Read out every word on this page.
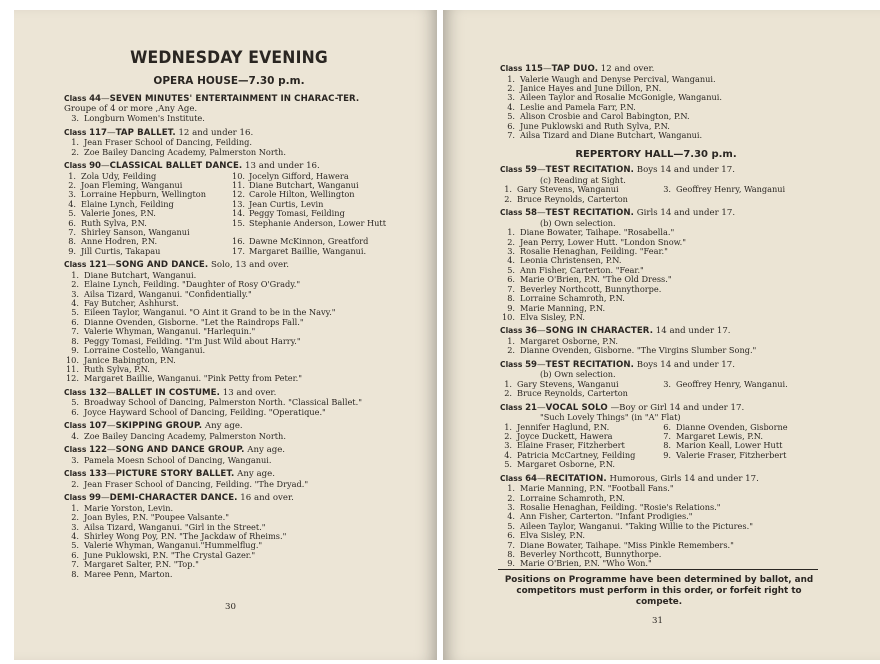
WEDNESDAY EVENING
OPERA HOUSE—7.30 p.m.
Class 44—SEVEN MINUTES' ENTERTAINMENT IN CHARAC-TER. Groupe of 4 or more ,Any Age.
3. Longburn Women's Institute.
Class 117—TAP BALLET. 12 and under 16.
1. Jean Fraser School of Dancing, Feilding.
2. Zoe Bailey Dancing Academy, Palmerston North.
Class 90—CLASSICAL BALLET DANCE. 13 and under 16.
1. Zola Udy, Feilding	10. Jocelyn Gifford, Hawera
2. Joan Fleming, Wanganui	11. Diane Butchart, Wanganui
3. Lorraine Hepburn, Wellington	12. Carole Hilton, Wellington
4. Elaine Lynch, Feilding	13. Jean Curtis, Levin
5. Valerie Jones, P.N.	14. Peggy Tomasi, Feilding
6. Ruth Sylva, P.N.	15. Stephanie Anderson, Lower Hutt
7. Shirley Sanson, Wanganui
8. Anne Hodren, P.N.	16. Dawne McKinnon, Greatford
9. Jill Curtis, Takapau	17. Margaret Baillie, Wanganui.
Class 121—SONG AND DANCE. Solo, 13 and over.
1. Diane Butchart, Wanganui.
2. Elaine Lynch, Feilding. "Daughter of Rosy O'Grady."
3. Ailsa Tizard, Wanganui. "Confidentially."
4. Fay Butcher, Ashhurst.
5. Eileen Taylor, Wanganui. "O Aint it Grand to be in the Navy."
6. Dianne Ovenden, Gisborne. "Let the Raindrops Fall."
7. Valerie Whyman, Wanganui. "Harlequin."
8. Peggy Tomasi, Feilding. "I'm Just Wild about Harry."
9. Lorraine Costello, Wanganui.
10. Janice Babington, P.N.
11. Ruth Sylva, P.N.
12. Margaret Baillie, Wanganui. "Pink Petty from Peter."
Class 132—BALLET IN COSTUME. 13 and over.
5. Broadway School of Dancing, Palmerston North. "Classical Ballet."
6. Joyce Hayward School of Dancing, Feilding. "Operatique."
Class 107—SKIPPING GROUP. Any age.
4. Zoe Bailey Dancing Academy, Palmerston North.
Class 122—SONG AND DANCE GROUP. Any age.
3. Pamela Moesn School of Dancing, Wanganui.
Class 133—PICTURE STORY BALLET. Any age.
2. Jean Fraser School of Dancing, Feilding. "The Dryad."
Class 99—DEMI-CHARACTER DANCE. 16 and over.
1. Marie Yorston, Levin.
2. Joan Byles, P.N. "Poupee Valsante."
3. Ailsa Tizard, Wanganui. "Girl in the Street."
4. Shirley Wong Poy, P.N. "The Jackdaw of Rheims."
5. Valerie Whyman, Wanganui."Hummelflug."
6. June Puklowski, P.N. "The Crystal Gazer."
7. Margaret Salter, P.N. "Top."
8. Maree Penn, Marton.
Class 115—TAP DUO. 12 and over.
1. Valerie Waugh and Denyse Percival, Wanganui.
2. Janice Hayes and June Dillon, P.N.
3. Aileen Taylor and Rosalie McGonigle, Wanganui.
4. Leslie and Pamela Farr, P.N.
5. Alison Crosbie and Carol Babington, P.N.
6. June Puklowski and Ruth Sylva, P.N.
7. Ailsa Tizard and Diane Butchart, Wanganui.
REPERTORY HALL—7.30 p.m.
Class 59—TEST RECITATION. Boys 14 and under 17.
(c) Reading at Sight.
1. Gary Stevens, Wanganui	3. Geoffrey Henry, Wanganui
2. Bruce Reynolds, Carterton
Class 58—TEST RECITATION. Girls 14 and under 17.
(b) Own selection.
1. Diane Bowater, Taihape. "Rosabella."
2. Jean Perry, Lower Hutt. "London Snow."
3. Rosalie Henaghan, Feilding. "Fear."
4. Leonia Christensen, P.N.
5. Ann Fisher, Carterton. "Fear."
6. Marie O'Brien, P.N. "The Old Dress."
7. Beverley Northcott, Bunnythorpe.
8. Lorraine Schamroth, P.N.
9. Marie Manning, P.N.
10. Elva Sisley, P.N.
Class 36—SONG IN CHARACTER. 14 and under 17.
1. Margaret Osborne, P.N.
2. Dianne Ovenden, Gisborne. "The Virgins Slumber Song."
Class 59—TEST RECITATION. Boys 14 and under 17.
(b) Own selection.
1. Gary Stevens, Wanganui	3. Geoffrey Henry, Wanganui.
2. Bruce Reynolds, Carterton
Class 21—VOCAL SOLO —Boy or Girl 14 and under 17.
"Such Lovely Things" (in "A" Flat)
1. Jennifer Haglund, P.N.	6. Dianne Ovenden, Gisborne
2. Joyce Duckett, Hawera	7. Margaret Lewis, P.N.
3. Elaine Fraser, Fitzherbert	8. Marion Keall, Lower Hutt
4. Patricia McCartney, Feilding	9. Valerie Fraser, Fitzherbert
5. Margaret Osborne, P.N.
Class 64—RECITATION. Humorous, Girls 14 and under 17.
1. Marie Manning, P.N. "Football Fans."
2. Lorraine Schamroth, P.N.
3. Rosalie Henaghan, Feilding. "Rosie's Relations."
4. Ann Fisher, Carterton. "Infant Prodigies."
5. Aileen Taylor, Wanganui. "Taking Willie to the Pictures."
6. Elva Sisley, P.N.
7. Diane Bowater, Taihape. "Miss Pinkle Remembers."
8. Beverley Northcott, Bunnythorpe.
9. Marie O'Brien, P.N. "Who Won."
Positions on Programme have been determined by ballot, and competitors must perform in this order, or forfeit right to compete.
30
31
